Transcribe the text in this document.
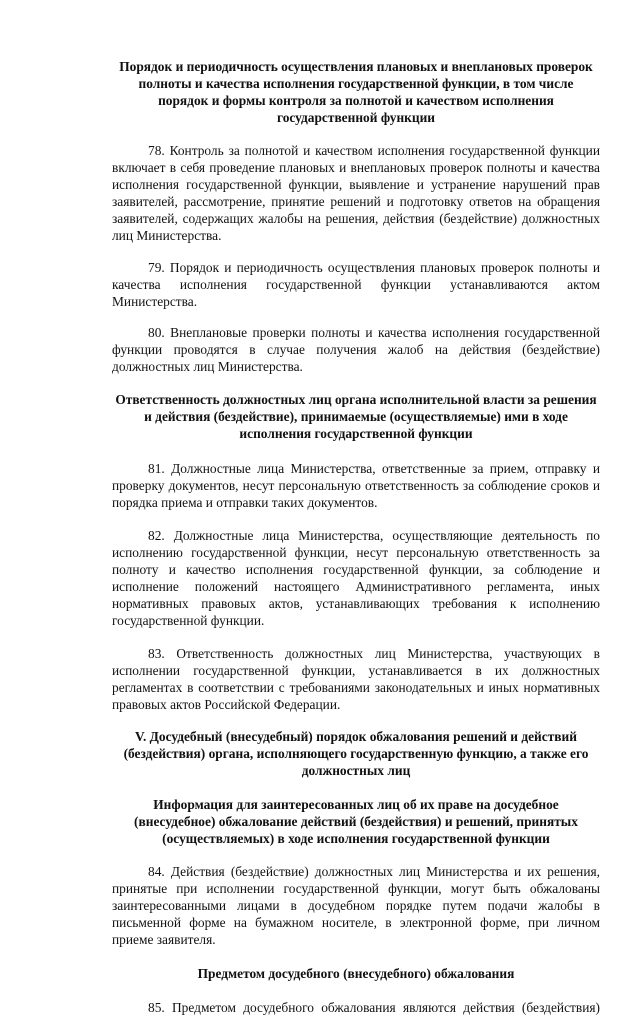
Порядок и периодичность осуществления плановых и внеплановых проверок полноты и качества исполнения государственной функции, в том числе порядок и формы контроля за полнотой и качеством исполнения государственной функции

78. Контроль за полнотой и качеством исполнения государственной функции включает в себя проведение плановых и внеплановых проверок полноты и качества исполнения государственной функции, выявление и устранение нарушений прав заявителей, рассмотрение, принятие решений и подготовку ответов на обращения заявителей, содержащих жалобы на решения, действия (бездействие) должностных лиц Министерства.

79. Порядок и периодичность осуществления плановых проверок полноты и качества исполнения государственной функции устанавливаются актом Министерства.

80. Внеплановые проверки полноты и качества исполнения государственной функции проводятся в случае получения жалоб на действия (бездействие) должностных лиц Министерства.

Ответственность должностных лиц органа исполнительной власти за решения и действия (бездействие), принимаемые (осуществляемые) ими в ходе исполнения государственной функции

81. Должностные лица Министерства, ответственные за прием, отправку и проверку документов, несут персональную ответственность за соблюдение сроков и порядка приема и отправки таких документов.

82. Должностные лица Министерства, осуществляющие деятельность по исполнению государственной функции, несут персональную ответственность за полноту и качество исполнения государственной функции, за соблюдение и исполнение положений настоящего Административного регламента, иных нормативных правовых актов, устанавливающих требования к исполнению государственной функции.

83. Ответственность должностных лиц Министерства, участвующих в исполнении государственной функции, устанавливается в их должностных регламентах в соответствии с требованиями законодательных и иных нормативных правовых актов Российской Федерации.

V. Досудебный (внесудебный) порядок обжалования решений и действий (бездействия) органа, исполняющего государственную функцию, а также его должностных лиц

Информация для заинтересованных лиц об их праве на досудебное (внесудебное) обжалование действий (бездействия) и решений, принятых (осуществляемых) в ходе исполнения государственной функции

84. Действия (бездействие) должностных лиц Министерства и их решения, принятые при исполнении государственной функции, могут быть обжалованы заинтересованными лицами в досудебном порядке путем подачи жалобы в письменной форме на бумажном носителе, в электронной форме, при личном приеме заявителя.

Предметом досудебного (внесудебного) обжалования

85. Предметом досудебного обжалования являются действия (бездействия)
